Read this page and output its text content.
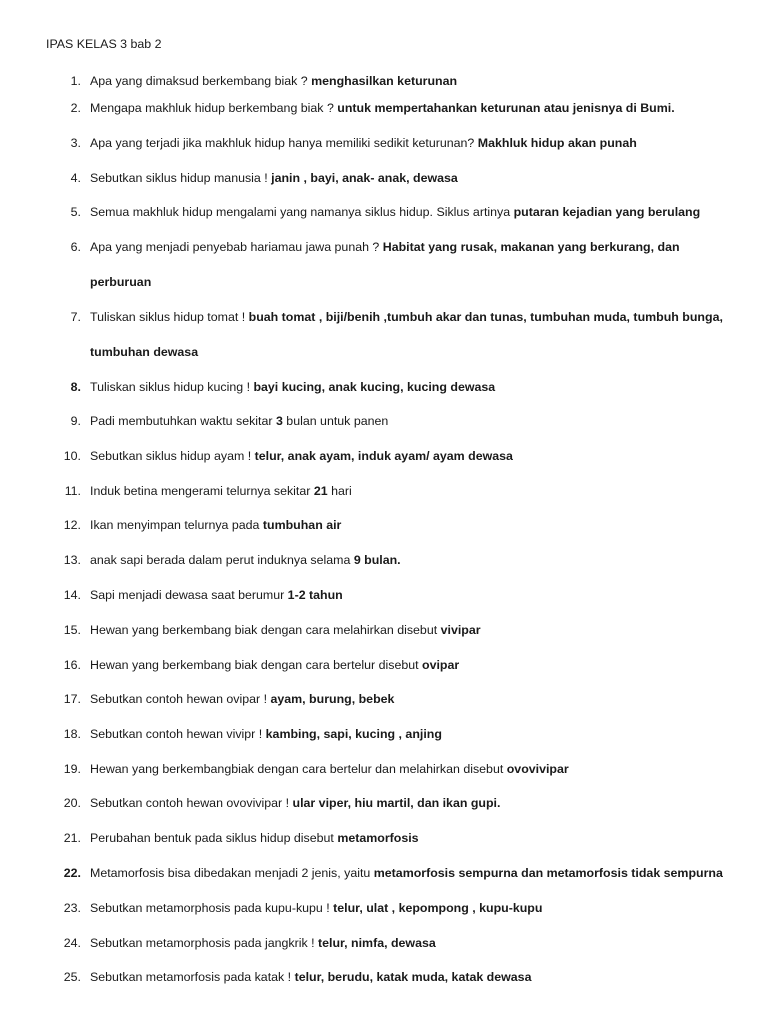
IPAS KELAS 3 bab 2
1. Apa yang dimaksud berkembang biak ? menghasilkan keturunan
2. Mengapa makhluk hidup berkembang biak ? untuk mempertahankan keturunan atau jenisnya di Bumi.
3. Apa yang terjadi jika makhluk hidup hanya memiliki sedikit keturunan? Makhluk hidup akan punah
4. Sebutkan siklus hidup manusia ! janin , bayi, anak- anak, dewasa
5. Semua makhluk hidup mengalami yang namanya siklus hidup. Siklus artinya putaran kejadian yang berulang
6. Apa yang menjadi penyebab hariamau jawa punah ? Habitat yang rusak, makanan yang berkurang, dan
perburuan
7. Tuliskan siklus hidup tomat ! buah tomat , biji/benih ,tumbuh akar dan tunas, tumbuhan muda, tumbuh bunga,
tumbuhan dewasa
8. Tuliskan siklus hidup kucing ! bayi kucing, anak kucing, kucing dewasa
9. Padi membutuhkan waktu sekitar 3 bulan untuk panen
10. Sebutkan siklus hidup ayam ! telur, anak ayam, induk ayam/ ayam dewasa
11. Induk betina mengerami telurnya sekitar 21 hari
12. Ikan menyimpan telurnya pada tumbuhan air
13. anak sapi berada dalam perut induknya selama 9 bulan.
14. Sapi menjadi dewasa saat berumur 1-2 tahun
15. Hewan yang berkembang biak dengan cara melahirkan disebut vivipar
16. Hewan yang berkembang biak dengan cara bertelur disebut ovipar
17. Sebutkan contoh hewan ovipar ! ayam, burung, bebek
18. Sebutkan contoh hewan vivipr ! kambing, sapi, kucing , anjing
19. Hewan yang berkembangbiak dengan cara bertelur dan melahirkan disebut ovovivipar
20. Sebutkan contoh hewan ovovivipar ! ular viper, hiu martil, dan ikan gupi.
21. Perubahan bentuk pada siklus hidup disebut metamorfosis
22. Metamorfosis bisa dibedakan menjadi 2 jenis, yaitu metamorfosis sempurna dan metamorfosis tidak sempurna
23. Sebutkan metamorphosis pada kupu-kupu ! telur, ulat , kepompong , kupu-kupu
24. Sebutkan metamorphosis pada jangkrik ! telur, nimfa, dewasa
25. Sebutkan metamorfosis pada katak ! telur, berudu, katak muda, katak dewasa
